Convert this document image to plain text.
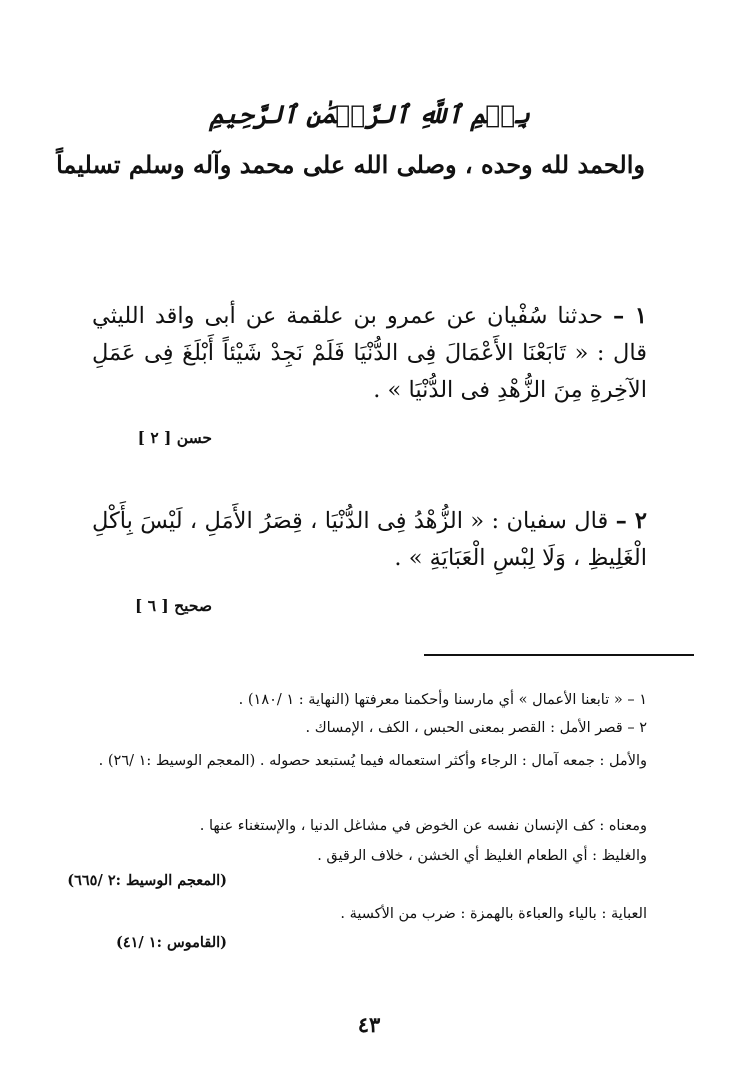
بِسۡمِ ٱللَّهِ ٱلرَّحۡمَٰنِ ٱلرَّحِيمِ
والحمد لله وحده ، وصلى الله على محمد وآله وسلم تسليماً
١ – حدثنا سُفْيان عن عمرو بن علقمة عن أبى واقد الليثي قال : « تَابَعْنَا الأَعْمَالَ فِى الدُّنْيَا فَلَمْ نَجِدْ شَيْئاً أَبْلَغَ فِى عَمَلِ الآخِرةِ مِنَ الزُّهْدِ فى الدُّنْيَا » .
حسن [ ٢ ]
٢ – قال سفيان : « الزُّهْدُ فِى الدُّنْيَا ، قِصَرُ الأَمَلِ ، لَيْسَ بِأَكْلِ الْغَلِيظِ ، وَلَا لِبْسِ الْعَبَايَةِ » .
صحيح [ ٦ ]
١ – « تابعنا الأعمال » أي مارسنا وأحكمنا معرفتها (النهاية : ١ /١٨٠) .
٢ – قصر الأمل : القصر بمعنى الحبس ، الكف ، الإمساك .
والأمل : جمعه آمال : الرجاء وأكثر استعماله فيما يُستبعد حصوله . (المعجم الوسيط :١ /٢٦) .
ومعناه : كف الإنسان نفسه عن الخوض في مشاغل الدنيا ، والإستغناء عنها .
والغليظ : أي الطعام الغليظ أي الخشن ، خلاف الرقيق .
(المعجم الوسيط :٢ /٦٦٥)
العباية : بالياء والعباءة بالهمزة : ضرب من الأكسية .
(القاموس :١ /٤١)
٤٣
